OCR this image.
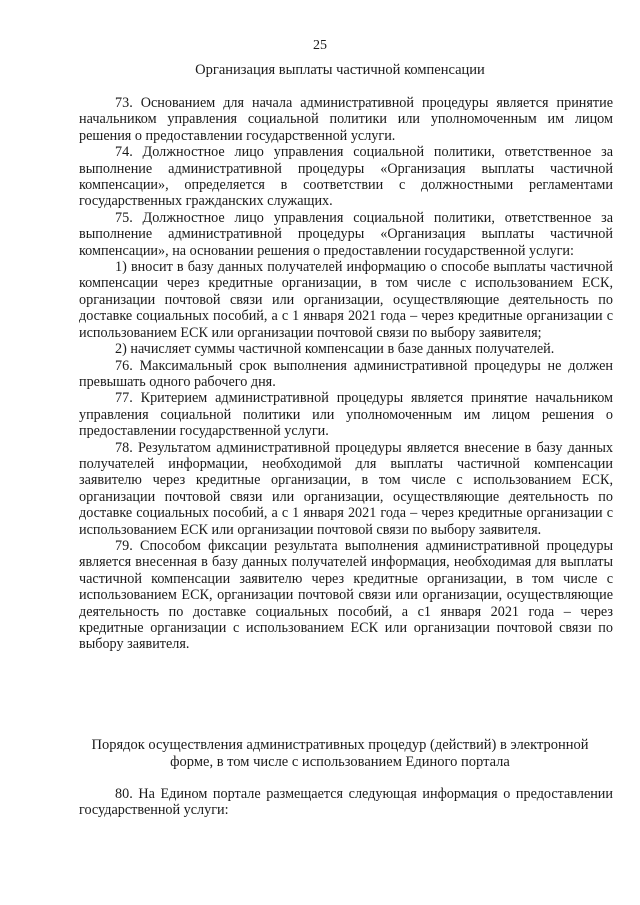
25
Организация выплаты частичной компенсации

73. Основанием для начала административной процедуры является принятие начальником управления социальной политики или уполномоченным им лицом решения о предоставлении государственной услуги.

74. Должностное лицо управления социальной политики, ответственное за выполнение административной процедуры «Организация выплаты частичной компенсации», определяется в соответствии с должностными регламентами государственных гражданских служащих.

75. Должностное лицо управления социальной политики, ответственное за выполнение административной процедуры «Организация выплаты частичной компенсации», на основании решения о предоставлении государственной услуги:

1) вносит в базу данных получателей информацию о способе выплаты частичной компенсации через кредитные организации, в том числе с использованием ЕСК, организации почтовой связи или организации, осуществляющие деятельность по доставке социальных пособий, а с 1 января 2021 года – через кредитные организации с использованием ЕСК или организации почтовой связи по выбору заявителя;

2) начисляет суммы частичной компенсации в базе данных получателей.

76. Максимальный срок выполнения административной процедуры не должен превышать одного рабочего дня.

77. Критерием административной процедуры является принятие начальником управления социальной политики или уполномоченным им лицом решения о предоставлении государственной услуги.

78. Результатом административной процедуры является внесение в базу данных получателей информации, необходимой для выплаты частичной компенсации заявителю через кредитные организации, в том числе с использованием ЕСК, организации почтовой связи или организации, осуществляющие деятельность по доставке социальных пособий, а с 1 января 2021 года – через кредитные организации с использованием ЕСК или организации почтовой связи по выбору заявителя.

79. Способом фиксации результата выполнения административной процедуры является внесенная в базу данных получателей информация, необходимая для выплаты частичной компенсации заявителю через кредитные организации, в том числе с использованием ЕСК, организации почтовой связи или организации, осуществляющие деятельность по доставке социальных пособий, а с1 января 2021 года – через кредитные организации с использованием ЕСК или организации почтовой связи по выбору заявителя.

Порядок осуществления административных процедур (действий) в электронной
форме, в том числе с использованием Единого портала

80. На Едином портале размещается следующая информация о предоставлении государственной услуги:
